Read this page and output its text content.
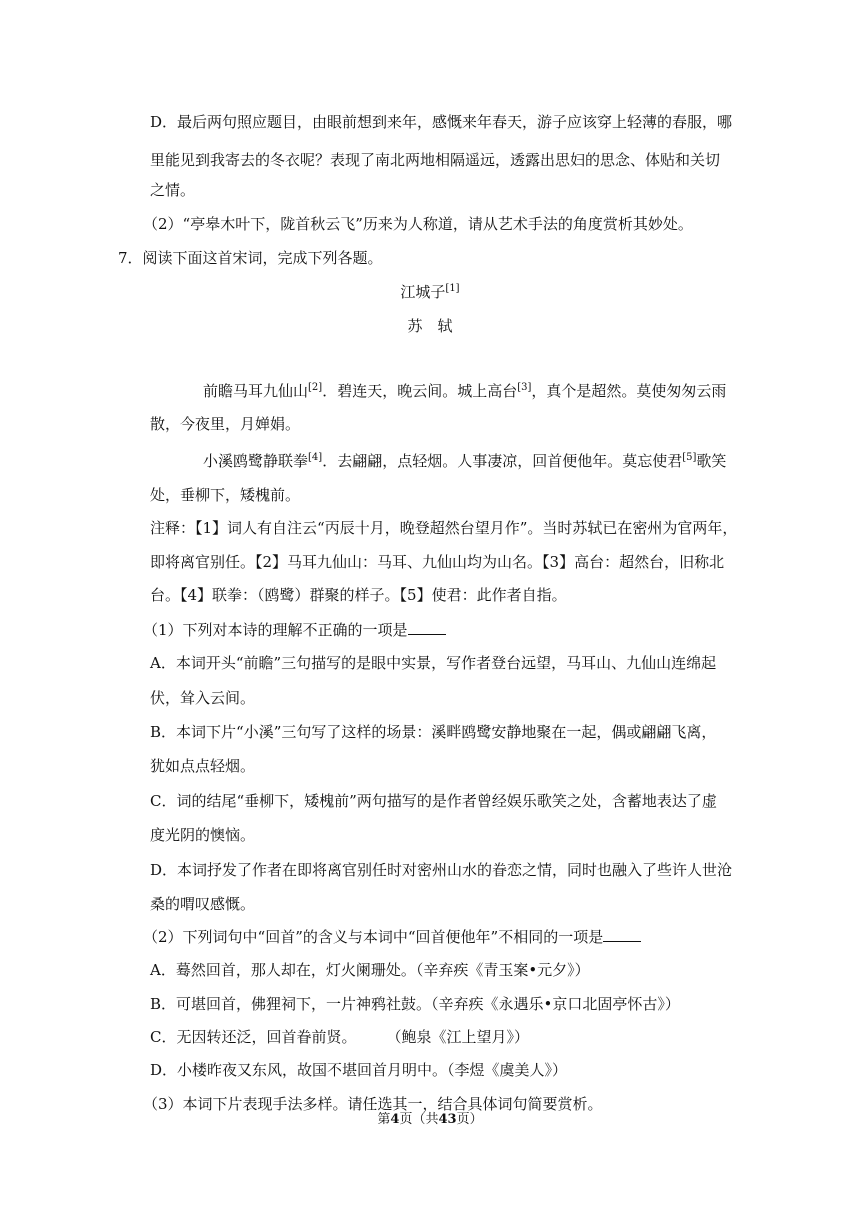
D．最后两句照应题目，由眼前想到来年，感慨来年春天，游子应该穿上轻薄的春服，哪
里能见到我寄去的冬衣呢？表现了南北两地相隔遥远，透露出思妇的思念、体贴和关切
之情。
（2）“亭皋木叶下，陇首秋云飞”历来为人称道，请从艺术手法的角度赏析其妙处。
7．阅读下面这首宋词，完成下列各题。
江城子[1]
苏　轼
前瞻马耳九仙山[2]．碧连天，晚云间。城上高台[3]，真个是超然。莫使匆匆云雨
散，今夜里，月婵娟。
小溪鸥鹭静联拳[4]．去翩翩，点轻烟。人事凄凉，回首便他年。莫忘使君[5]歌笑
处，垂柳下，矮槐前。
注释：【1】词人有自注云“丙辰十月，晚登超然台望月作”。当时苏轼已在密州为官两年，
即将离官别任。【2】马耳九仙山：马耳、九仙山均为山名。【3】高台：超然台，旧称北
台。【4】联拳：（鸥鹭）群聚的样子。【5】使君：此作者自指。
（1）下列对本诗的理解不正确的一项是
A．本词开头“前瞻”三句描写的是眼中实景，写作者登台远望，马耳山、九仙山连绵起
伏，耸入云间。
B．本词下片“小溪”三句写了这样的场景：溪畔鸥鹭安静地聚在一起，偶或翩翩飞离，
犹如点点轻烟。
C．词的结尾“垂柳下，矮槐前”两句描写的是作者曾经娱乐歌笑之处，含蓄地表达了虚
度光阴的懊恼。
D．本词抒发了作者在即将离官别任时对密州山水的眷恋之情，同时也融入了些许人世沧
桑的喟叹感慨。
（2）下列词句中“回首”的含义与本词中“回首便他年”不相同的一项是
A．蓦然回首，那人却在，灯火阑珊处。（辛弃疾《青玉案•元夕》）
B．可堪回首，佛狸祠下，一片神鸦社鼓。（辛弃疾《永遇乐•京口北固亭怀古》）
C．无因转还泛，回首眷前贤。　　　（鲍泉《江上望月》）
D．小楼昨夜又东风，故国不堪回首月明中。（李煜《虞美人》）
（3）本词下片表现手法多样。请任选其一，结合具体词句简要赏析。
第4页（共43页）
